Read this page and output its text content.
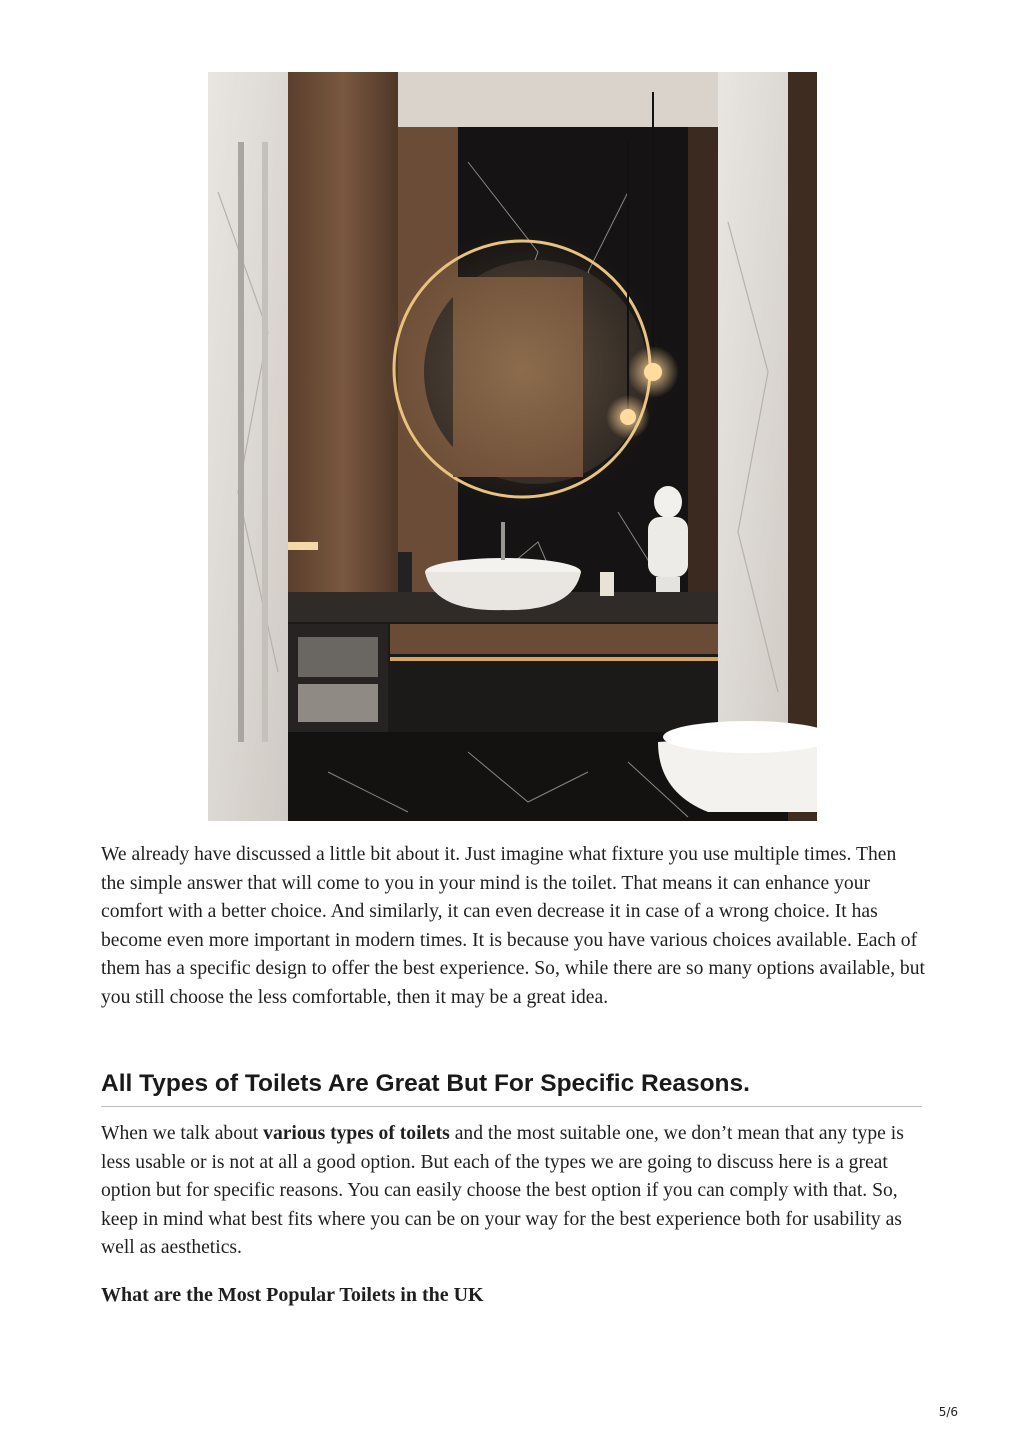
We already have discussed a little bit about it. Just imagine what fixture you use multiple times. Then the simple answer that will come to you in your mind is the toilet. That means it can enhance your comfort with a better choice. And similarly, it can even decrease it in case of a wrong choice. It has become even more important in modern times. It is because you have various choices available. Each of them has a specific design to offer the best experience. So, while there are so many options available, but you still choose the less comfortable, then it may be a great idea.

All Types of Toilets Are Great But For Specific Reasons.

When we talk about various types of toilets and the most suitable one, we don’t mean that any type is less usable or is not at all a good option. But each of the types we are going to discuss here is a great option but for specific reasons. You can easily choose the best option if you can comply with that. So, keep in mind what best fits where you can be on your way for the best experience both for usability as well as aesthetics.

What are the Most Popular Toilets in the UK
5/6
